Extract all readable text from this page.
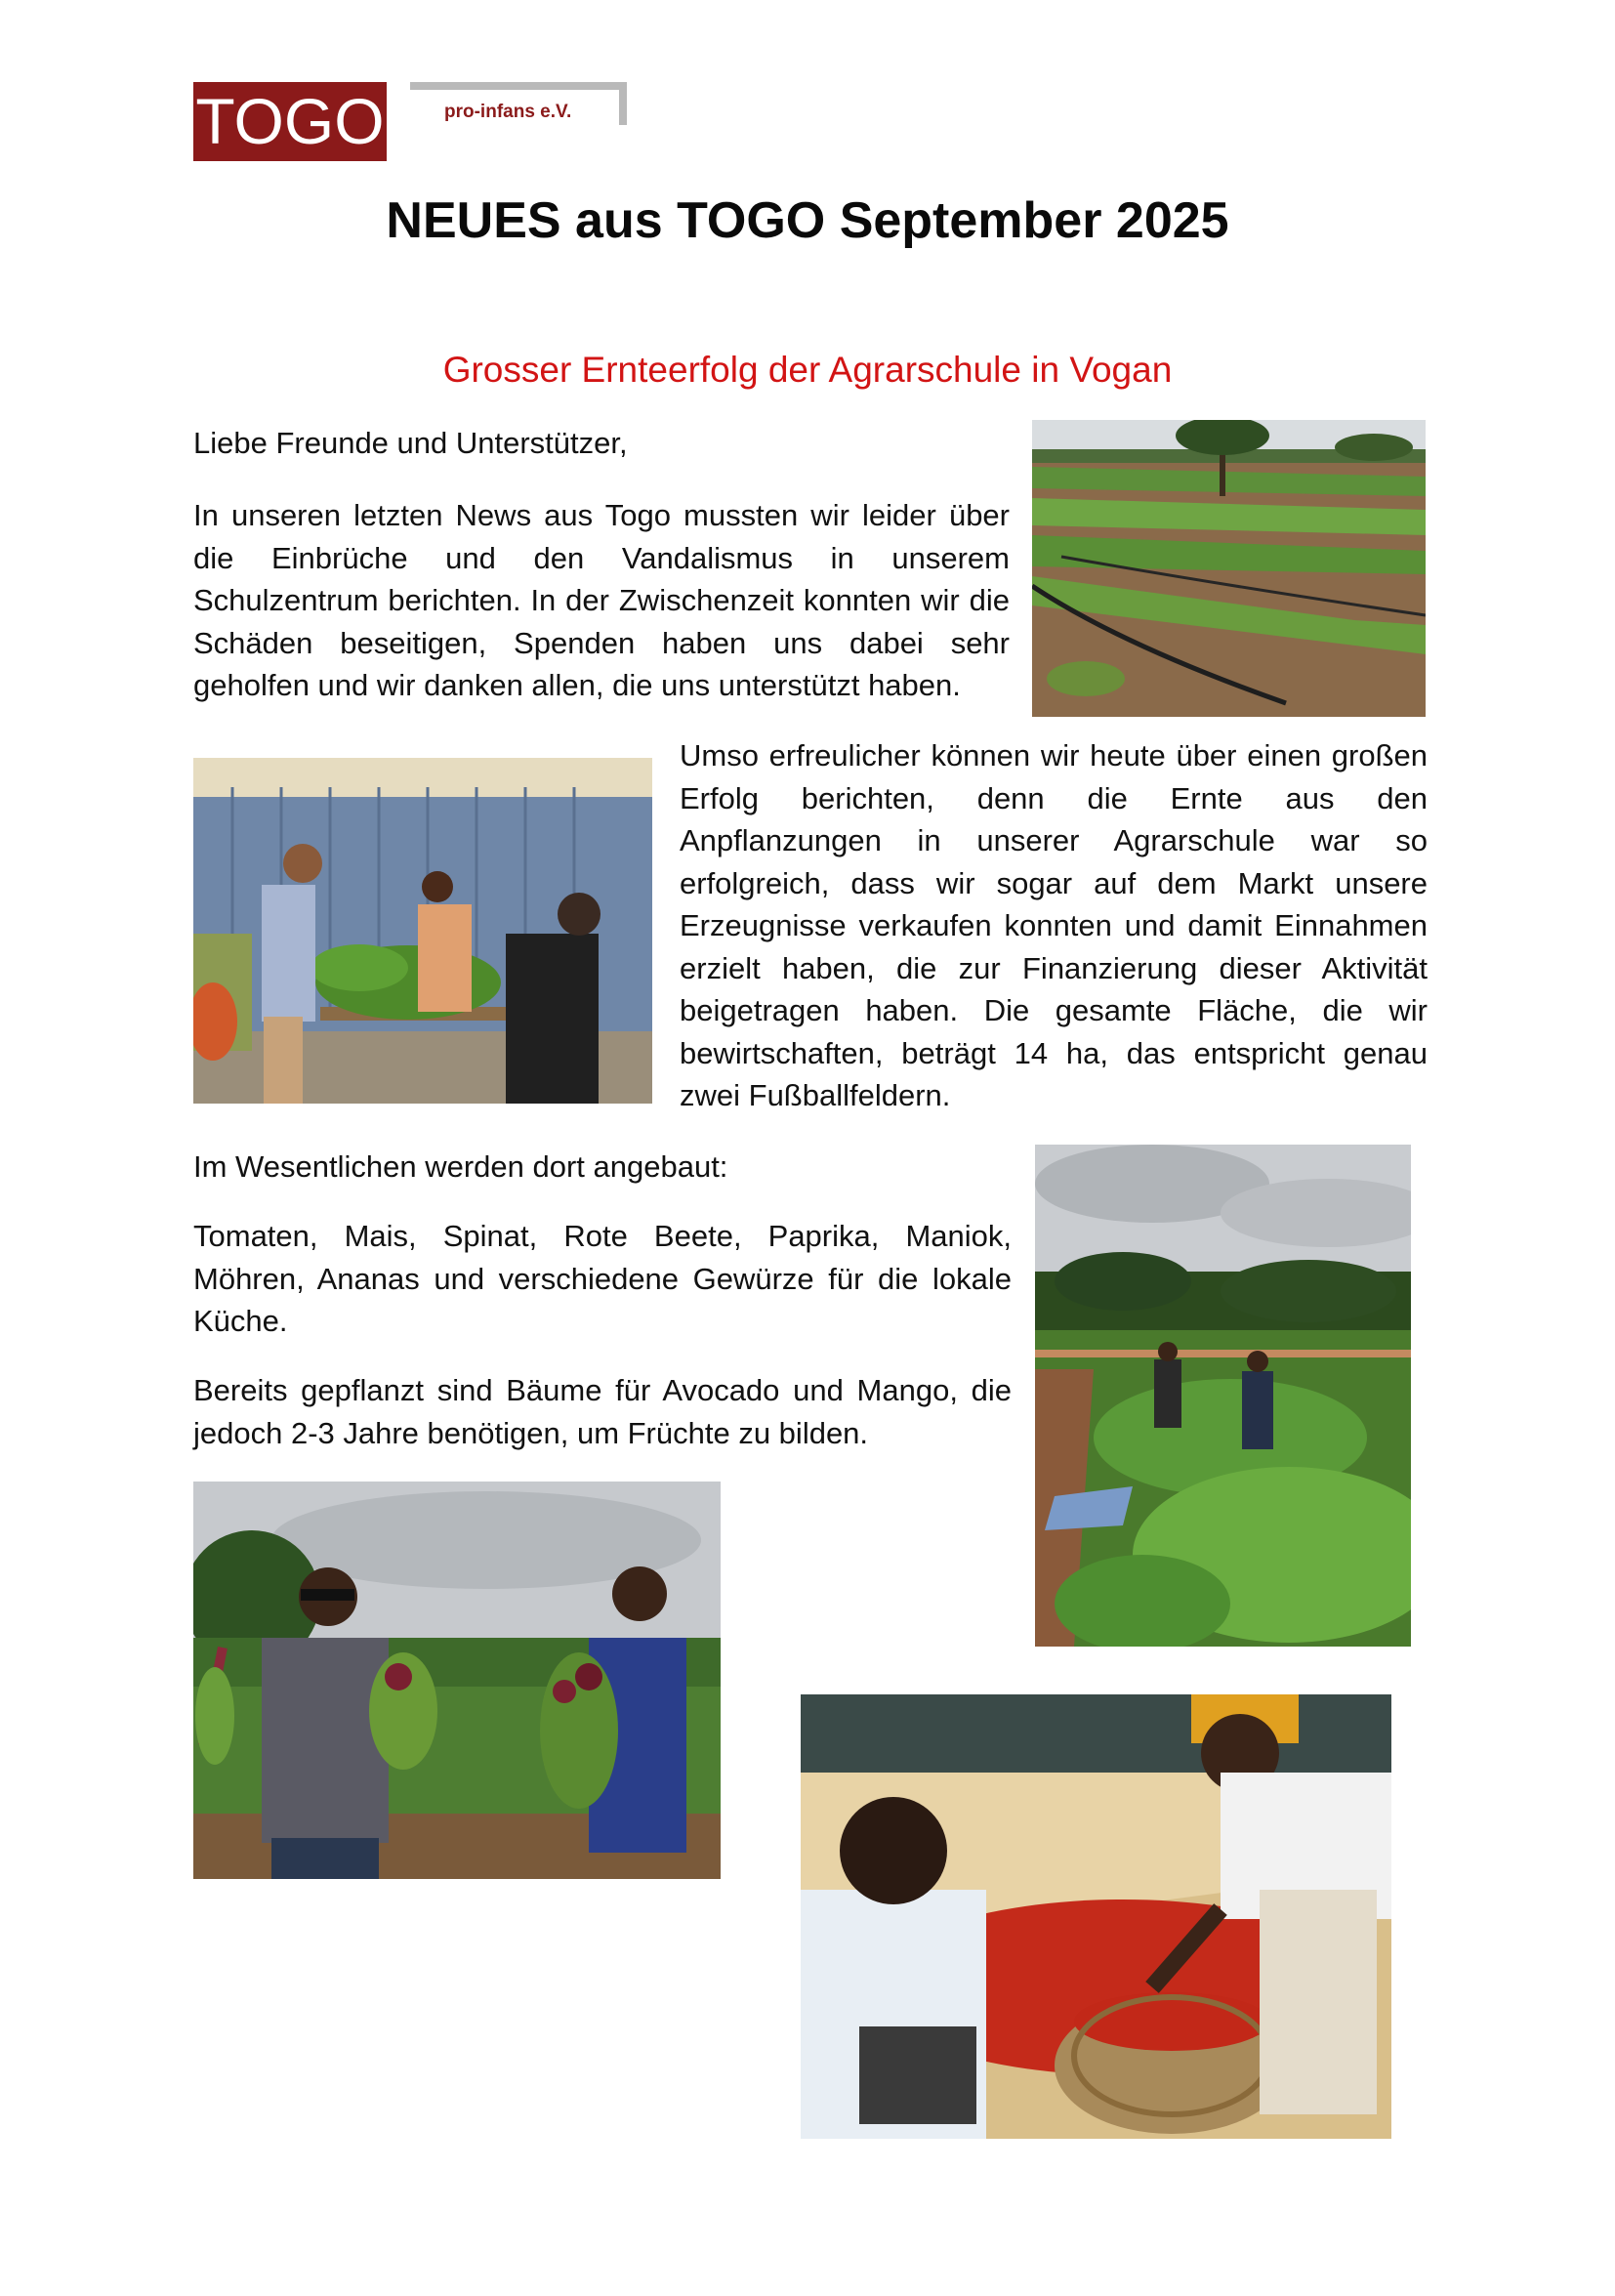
TOGO	pro-infans e.V.
NEUES aus TOGO September 2025
Grosser Ernteerfolg der Agrarschule in Vogan
Liebe Freunde und Unterstützer,
In unseren letzten News aus Togo mussten wir leider über die Einbrüche und den Vandalismus in unserem Schulzentrum berichten. In der Zwischenzeit konnten wir die Schäden beseitigen, Spenden haben uns dabei sehr geholfen und wir danken allen, die uns unterstützt haben.
Umso erfreulicher können wir heute über einen großen Erfolg berichten, denn die Ernte aus den Anpflanzungen in unserer Agrarschule war so erfolgreich, dass wir sogar auf dem Markt unsere Erzeugnisse verkaufen konnten und damit Einnahmen erzielt haben, die zur Finanzierung dieser Aktivität beigetragen haben. Die gesamte Fläche, die wir bewirtschaften, beträgt 14 ha, das entspricht genau zwei Fußballfeldern.
Im Wesentlichen werden dort angebaut:
Tomaten, Mais, Spinat, Rote Beete, Paprika, Maniok, Möhren, Ananas und verschiedene Gewürze für die lokale Küche.
Bereits gepflanzt sind Bäume für Avocado und Mango, die jedoch 2-3 Jahre benötigen, um Früchte zu bilden.
